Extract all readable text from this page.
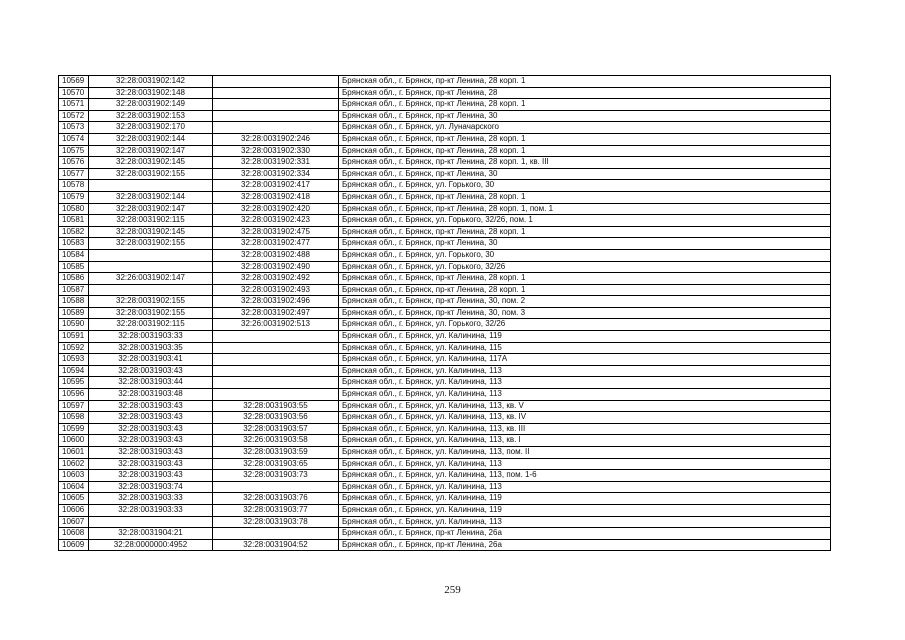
10569	32:28:0031902:142		Брянская обл., г. Брянск, пр-кт Ленина, 28 корп. 1
10570	32:28:0031902:148		Брянская обл., г. Брянск, пр-кт Ленина, 28
10571	32:28:0031902:149		Брянская обл., г. Брянск, пр-кт Ленина, 28 корп. 1
10572	32:28:0031902:153		Брянская обл., г. Брянск, пр-кт Ленина, 30
10573	32:28:0031902:170		Брянская обл., г. Брянск, ул. Луначарского
10574	32:28:0031902:144	32:28:0031902:246	Брянская обл., г. Брянск, пр-кт Ленина, 28 корп. 1
10575	32:28:0031902:147	32:28:0031902:330	Брянская обл., г. Брянск, пр-кт Ленина, 28 корп. 1
10576	32:28:0031902:145	32:28:0031902:331	Брянская обл., г. Брянск, пр-кт Ленина, 28 корп. 1, кв. III
10577	32:28:0031902:155	32:28:0031902:334	Брянская обл., г. Брянск, пр-кт Ленина, 30
10578		32:28:0031902:417	Брянская обл., г. Брянск, ул. Горького, 30
10579	32:28:0031902:144	32:28:0031902:418	Брянская обл., г. Брянск, пр-кт Ленина, 28 корп. 1
10580	32:28:0031902:147	32:28:0031902:420	Брянская обл., г. Брянск, пр-кт Ленина, 28 корп. 1, пом. 1
10581	32:28:0031902:115	32:28:0031902:423	Брянская обл., г. Брянск, ул. Горького, 32/26, пом. 1
10582	32:28:0031902:145	32:28:0031902:475	Брянская обл., г. Брянск, пр-кт Ленина, 28 корп. 1
10583	32:28:0031902:155	32:28:0031902:477	Брянская обл., г. Брянск, пр-кт Ленина, 30
10584		32:28:0031902:488	Брянская обл., г. Брянск, ул. Горького, 30
10585		32:28:0031902:490	Брянская обл., г. Брянск, ул. Горького, 32/26
10586	32:26:0031902:147	32:28:0031902:492	Брянская обл., г. Брянск, пр-кт Ленина, 28 корп. 1
10587		32:28:0031902:493	Брянская обл., г. Брянск, пр-кт Ленина, 28 корп. 1
10588	32:28:0031902:155	32:28:0031902:496	Брянская обл., г. Брянск, пр-кт Ленина, 30, пом. 2
10589	32:28:0031902:155	32:28:0031902:497	Брянская обл., г. Брянск, пр-кт Ленина, 30, пом. 3
10590	32:28:0031902:115	32:26:0031902:513	Брянская обл., г. Брянск, ул. Горького, 32/26
10591	32:28:0031903:33		Брянская обл., г. Брянск, ул. Калинина, 119
10592	32:28:0031903:35		Брянская обл., г. Брянск, ул. Калинина, 115
10593	32:28:0031903:41		Брянская обл., г. Брянск, ул. Калинина, 117А
10594	32:28:0031903:43		Брянская обл., г. Брянск, ул. Калинина, 113
10595	32:28:0031903:44		Брянская обл., г. Брянск, ул. Калинина, 113
10596	32:28:0031903:48		Брянская обл., г. Брянск, ул. Калинина, 113
10597	32:28:0031903:43	32:28:0031903:55	Брянская обл., г. Брянск, ул. Калинина, 113, кв. V
10598	32:28:0031903:43	32:28:0031903:56	Брянская обл., г. Брянск, ул. Калинина, 113, кв. IV
10599	32:28:0031903:43	32:28:0031903:57	Брянская обл., г. Брянск, ул. Калинина, 113, кв. III
10600	32:28:0031903:43	32:26:0031903:58	Брянская обл., г. Брянск, ул. Калинина, 113, кв. I
10601	32:28:0031903:43	32:28:0031903:59	Брянская обл., г. Брянск, ул. Калинина, 113, пом. II
10602	32:28:0031903:43	32:28:0031903:65	Брянская обл., г. Брянск, ул. Калинина, 113
10603	32:28:0031903:43	32:28:0031903:73	Брянская обл., г. Брянск, ул. Калинина, 113, пом. 1-6
10604	32:28:0031903:74		Брянская обл., г. Брянск, ул. Калинина, 113
10605	32:28:0031903:33	32:28:0031903:76	Брянская обл., г. Брянск, ул. Калинина, 119
10606	32:28:0031903:33	32:28:0031903:77	Брянская обл., г. Брянск, ул. Калинина, 119
10607		32:28:0031903:78	Брянская обл., г. Брянск, ул. Калинина, 113
10608	32:28:0031904:21		Брянская обл., г. Брянск, пр-кт Ленина, 26а
10609	32:28:0000000:4952	32:28:0031904:52	Брянская обл., г. Брянск, пр-кт Ленина, 26а
259
